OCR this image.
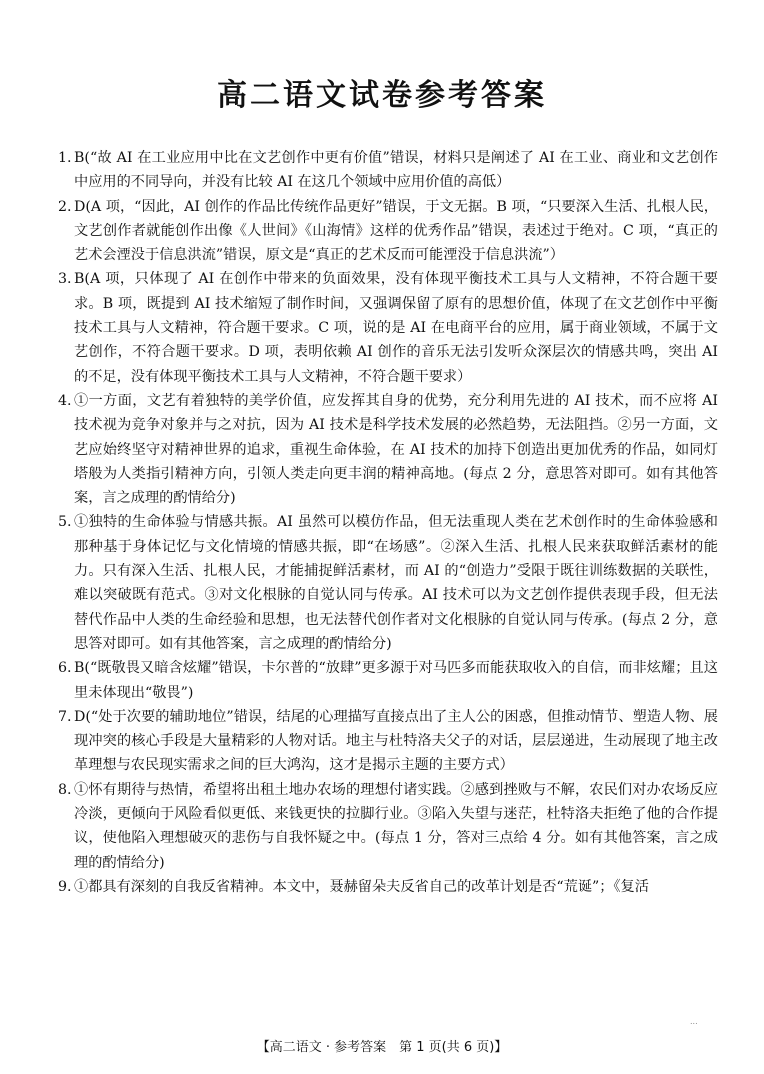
高二语文试卷参考答案

1. B(“故 AI 在工业应用中比在文艺创作中更有价值”错误，材料只是阐述了 AI 在工业、商业和文艺创作中应用的不同导向，并没有比较 AI 在这几个领域中应用价值的高低）

2. D(A 项，“因此，AI 创作的作品比传统作品更好”错误，于文无据。B 项，“只要深入生活、扎根人民，文艺创作者就能创作出像《人世间》《山海情》这样的优秀作品”错误，表述过于绝对。C 项，“真正的艺术会湮没于信息洪流”错误，原文是“真正的艺术反而可能湮没于信息洪流”）

3. B(A 项，只体现了 AI 在创作中带来的负面效果，没有体现平衡技术工具与人文精神，不符合题干要求。B 项，既提到 AI 技术缩短了制作时间，又强调保留了原有的思想价值，体现了在文艺创作中平衡技术工具与人文精神，符合题干要求。C 项，说的是 AI 在电商平台的应用，属于商业领域，不属于文艺创作，不符合题干要求。D 项，表明依赖 AI 创作的音乐无法引发听众深层次的情感共鸣，突出 AI 的不足，没有体现平衡技术工具与人文精神，不符合题干要求）

4. ①一方面，文艺有着独特的美学价值，应发挥其自身的优势，充分利用先进的 AI 技术，而不应将 AI 技术视为竞争对象并与之对抗，因为 AI 技术是科学技术发展的必然趋势，无法阻挡。②另一方面，文艺应始终坚守对精神世界的追求，重视生命体验，在 AI 技术的加持下创造出更加优秀的作品，如同灯塔般为人类指引精神方向，引领人类走向更丰润的精神高地。(每点 2 分，意思答对即可。如有其他答案，言之成理的酌情给分)

5. ①独特的生命体验与情感共振。AI 虽然可以模仿作品，但无法重现人类在艺术创作时的生命体验感和那种基于身体记忆与文化情境的情感共振，即“在场感”。②深入生活、扎根人民来获取鲜活素材的能力。只有深入生活、扎根人民，才能捕捉鲜活素材，而 AI 的“创造力”受限于既往训练数据的关联性，难以突破既有范式。③对文化根脉的自觉认同与传承。AI 技术可以为文艺创作提供表现手段，但无法替代作品中人类的生命经验和思想，也无法替代创作者对文化根脉的自觉认同与传承。(每点 2 分，意思答对即可。如有其他答案，言之成理的酌情给分)

6. B(“既敬畏又暗含炫耀”错误，卡尔普的“放肆”更多源于对马匹多而能获取收入的自信，而非炫耀；且这里未体现出“敬畏”)

7. D(“处于次要的辅助地位”错误，结尾的心理描写直接点出了主人公的困惑，但推动情节、塑造人物、展现冲突的核心手段是大量精彩的人物对话。地主与杜特洛夫父子的对话，层层递进，生动展现了地主改革理想与农民现实需求之间的巨大鸿沟，这才是揭示主题的主要方式）

8. ①怀有期待与热情，希望将出租土地办农场的理想付诸实践。②感到挫败与不解，农民们对办农场反应冷淡，更倾向于风险看似更低、来钱更快的拉脚行业。③陷入失望与迷茫，杜特洛夫拒绝了他的合作提议，使他陷入理想破灭的悲伤与自我怀疑之中。(每点 1 分，答对三点给 4 分。如有其他答案，言之成理的酌情给分)

9. ①都具有深刻的自我反省精神。本文中，聂赫留朵夫反省自己的改革计划是否“荒诞”；《复活

...
【高二语文 · 参考答案　第 1 页(共 6 页)】
